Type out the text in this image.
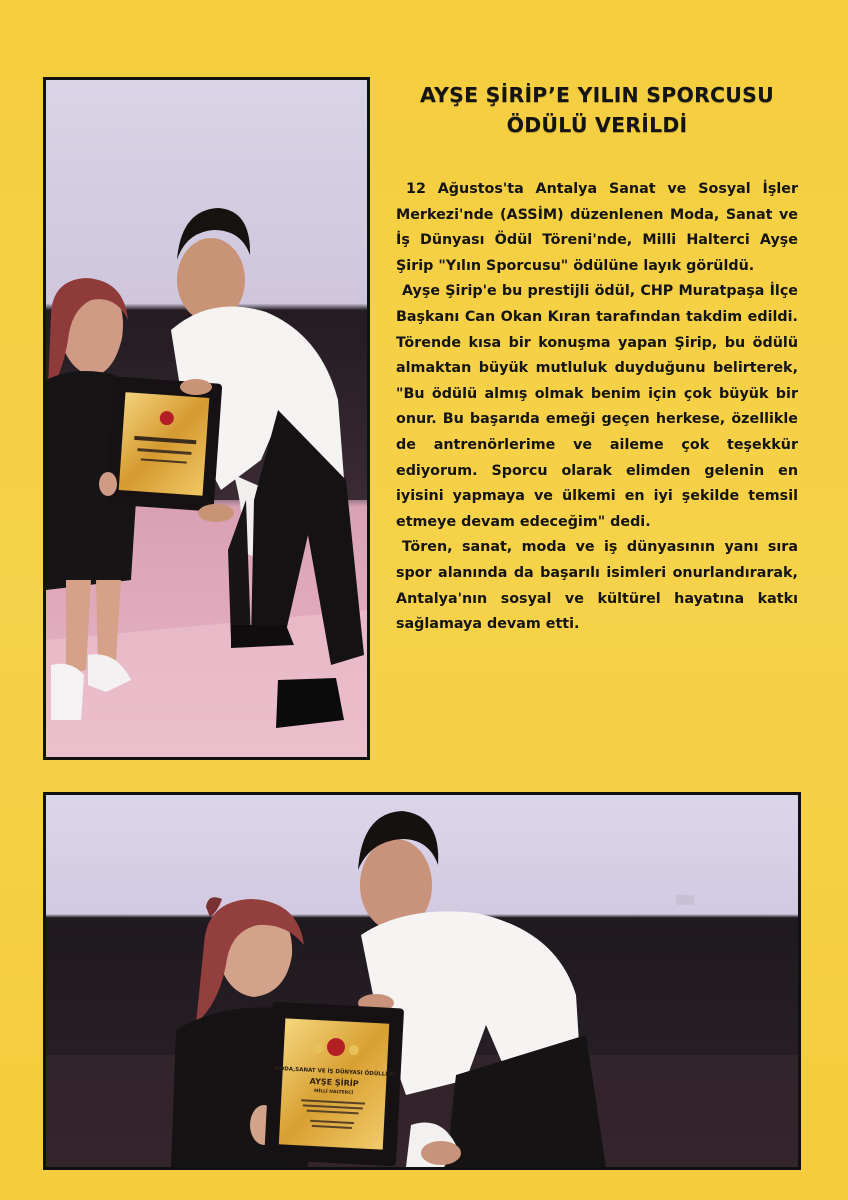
AYŞE ŞİRİP’E YILIN SPORCUSU
ÖDÜLÜ VERİLDİ

12 Ağustos'ta Antalya Sanat ve Sosyal İşler Merkezi'nde (ASSİM) düzenlenen Moda, Sanat ve İş Dünyası Ödül Töreni'nde, Milli Halterci Ayşe Şirip "Yılın Sporcusu" ödülüne layık görüldü.

Ayşe Şirip'e bu prestijli ödül, CHP Muratpaşa İlçe Başkanı Can Okan Kıran tarafından takdim edildi. Törende kısa bir konuşma yapan Şirip, bu ödülü almaktan büyük mutluluk duyduğunu belirterek, "Bu ödülü almış olmak benim için çok büyük bir onur. Bu başarıda emeği geçen herkese, özellikle de antrenörlerime ve aileme çok teşekkür ediyorum. Sporcu olarak elimden gelenin en iyisini yapmaya ve ülkemi en iyi şekilde temsil etmeye devam edeceğim" dedi.

Tören, sanat, moda ve iş dünyasının yanı sıra spor alanında da başarılı isimleri onurlandırarak, Antalya'nın sosyal ve kültürel hayatına katkı sağlamaya devam etti.

MODA,SANAT VE İŞ DÜNYASI ÖDÜLLERİ
AYŞE ŞİRİP
MİLLİ HALTERCİ
